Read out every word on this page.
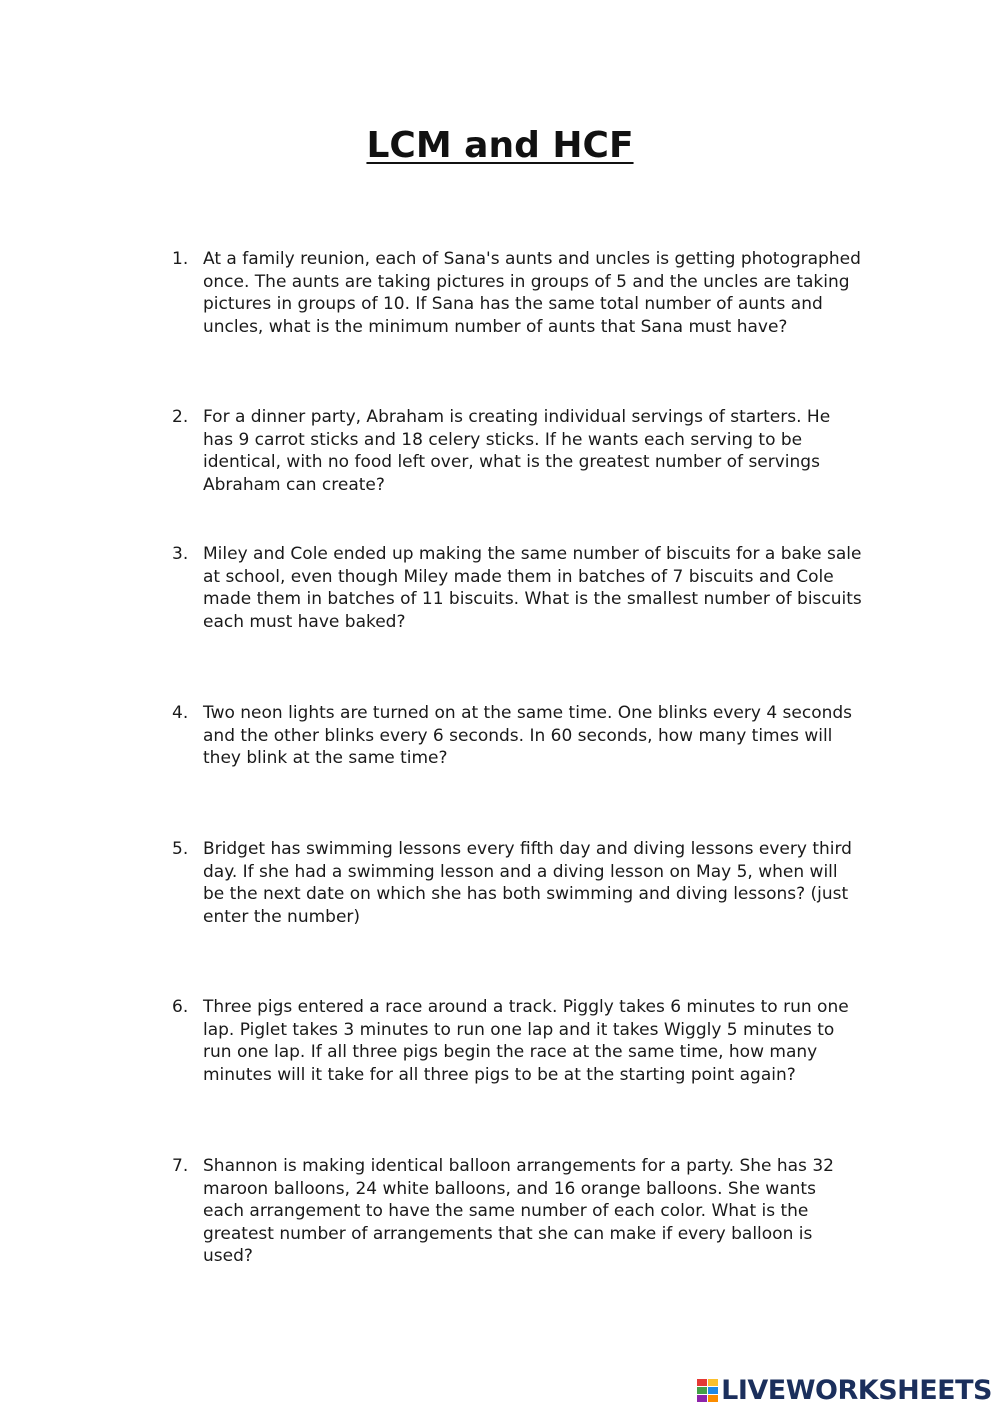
LCM and HCF
1. At a family reunion, each of Sana's aunts and uncles is getting photographed once. The aunts are taking pictures in groups of 5 and the uncles are taking pictures in groups of 10. If Sana has the same total number of aunts and uncles, what is the minimum number of aunts that Sana must have?
2. For a dinner party, Abraham is creating individual servings of starters. He has 9 carrot sticks and 18 celery sticks. If he wants each serving to be identical, with no food left over, what is the greatest number of servings Abraham can create?
3. Miley and Cole ended up making the same number of biscuits for a bake sale at school, even though Miley made them in batches of 7 biscuits and Cole made them in batches of 11 biscuits. What is the smallest number of biscuits each must have baked?
4. Two neon lights are turned on at the same time. One blinks every 4 seconds and the other blinks every 6 seconds. In 60 seconds, how many times will they blink at the same time?
5. Bridget has swimming lessons every fifth day and diving lessons every third day. If she had a swimming lesson and a diving lesson on May 5, when will be the next date on which she has both swimming and diving lessons? (just enter the number)
6. Three pigs entered a race around a track. Piggly takes 6 minutes to run one lap. Piglet takes 3 minutes to run one lap and it takes Wiggly 5 minutes to run one lap. If all three pigs begin the race at the same time, how many minutes will it take for all three pigs to be at the starting point again?
7. Shannon is making identical balloon arrangements for a party. She has 32 maroon balloons, 24 white balloons, and 16 orange balloons. She wants each arrangement to have the same number of each color. What is the greatest number of arrangements that she can make if every balloon is used?
LIVEWORKSHEETS
